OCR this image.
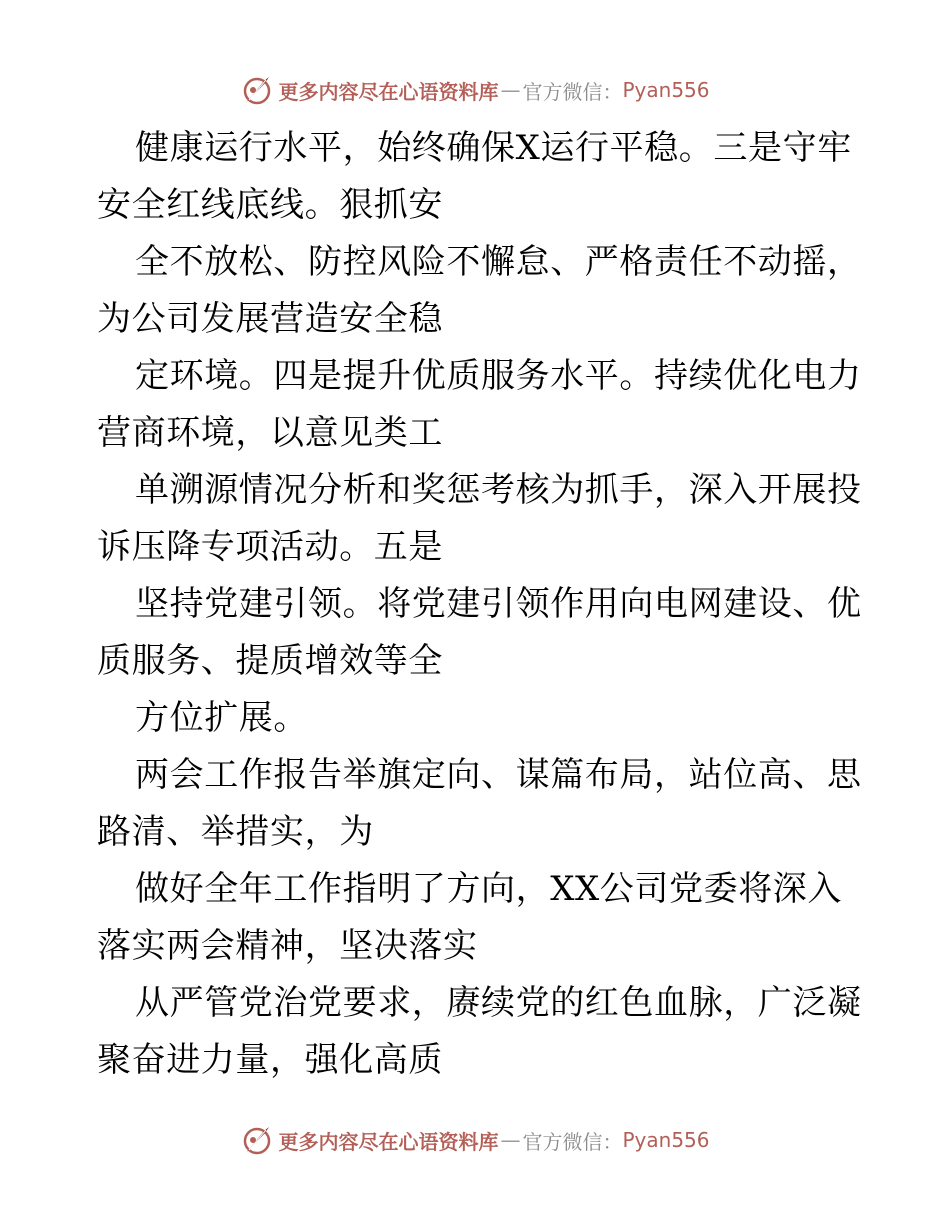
更多内容尽在心语资料库 — 官方微信： Pyan556
健康运行水平，始终确保X运行平稳。三是守牢
安全红线底线。狠抓安
全不放松、防控风险不懈怠、严格责任不动摇，
为公司发展营造安全稳
定环境。四是提升优质服务水平。持续优化电力
营商环境，以意见类工
单溯源情况分析和奖惩考核为抓手，深入开展投
诉压降专项活动。五是
坚持党建引领。将党建引领作用向电网建设、优
质服务、提质增效等全
方位扩展。
两会工作报告举旗定向、谋篇布局，站位高、思
路清、举措实，为
做好全年工作指明了方向，XX公司党委将深入
落实两会精神，坚决落实
从严管党治党要求，赓续党的红色血脉，广泛凝
聚奋进力量，强化高质
更多内容尽在心语资料库 — 官方微信： Pyan556
